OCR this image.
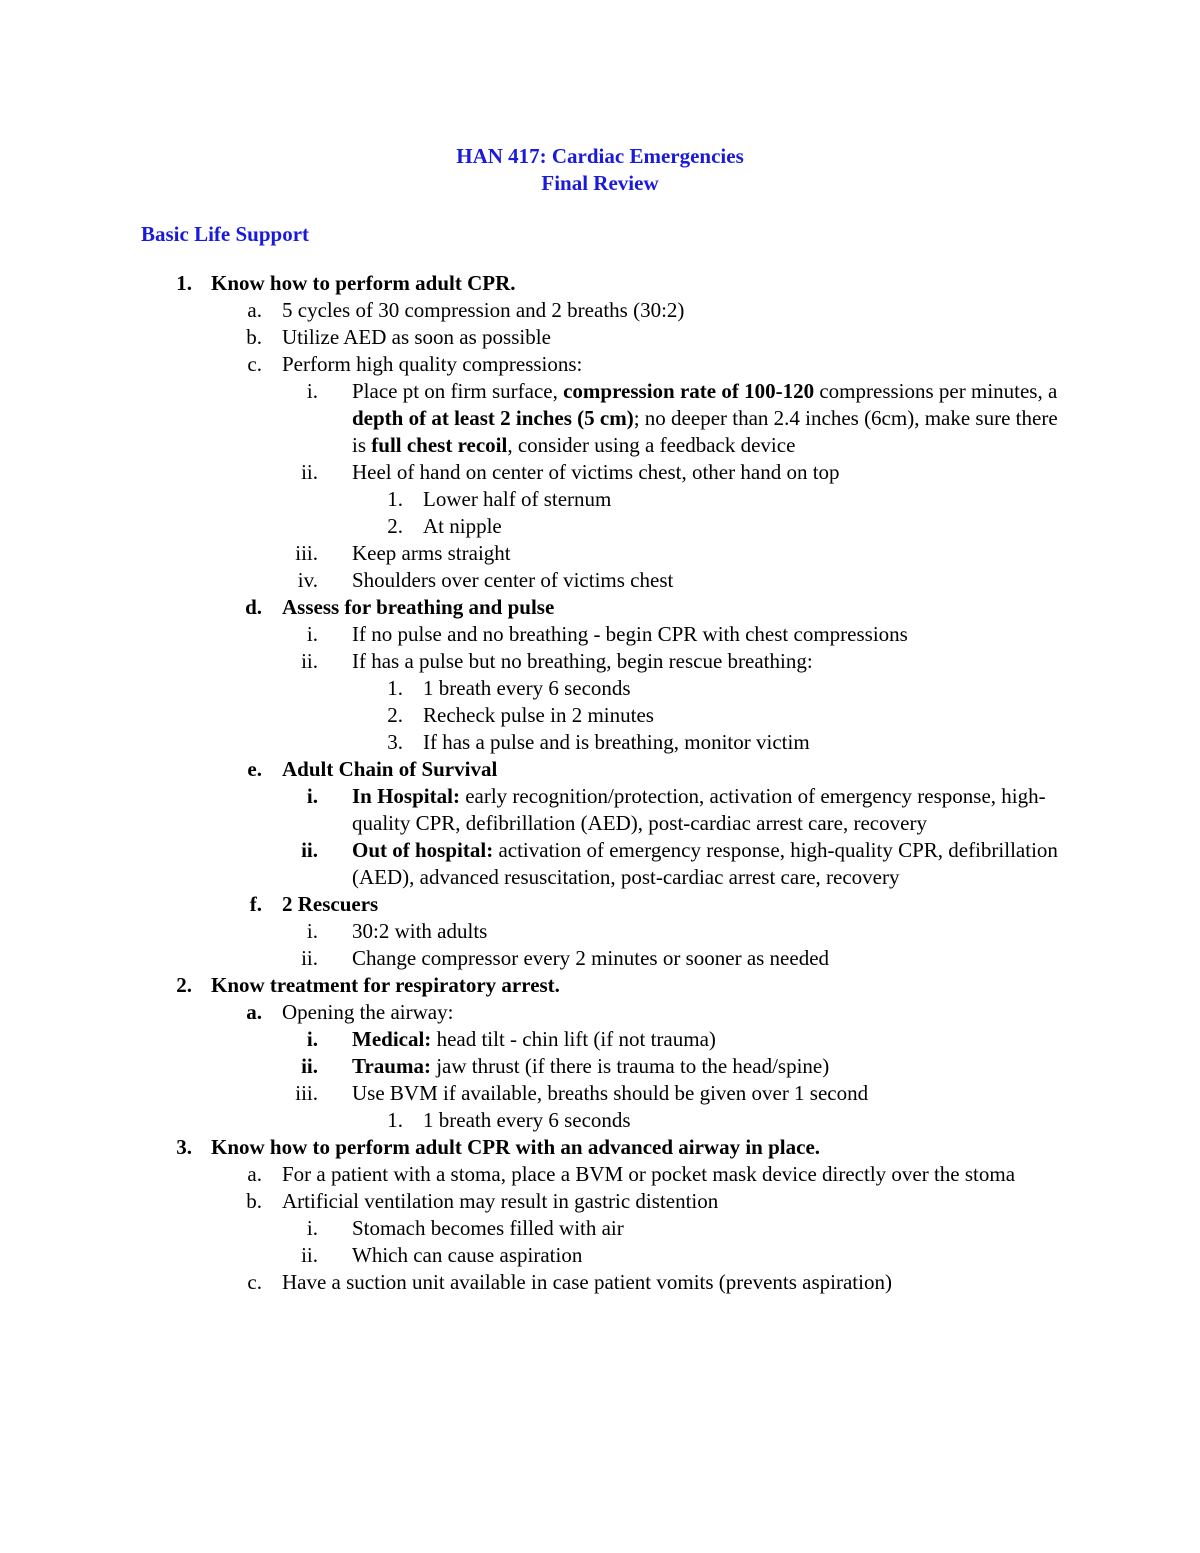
HAN 417: Cardiac Emergencies
Final Review
Basic Life Support
1. Know how to perform adult CPR.
a. 5 cycles of 30 compression and 2 breaths (30:2)
b. Utilize AED as soon as possible
c. Perform high quality compressions:
i. Place pt on firm surface, compression rate of 100-120 compressions per minutes, a depth of at least 2 inches (5 cm); no deeper than 2.4 inches (6cm), make sure there is full chest recoil, consider using a feedback device
ii. Heel of hand on center of victims chest, other hand on top
1. Lower half of sternum
2. At nipple
iii. Keep arms straight
iv. Shoulders over center of victims chest
d. Assess for breathing and pulse
i. If no pulse and no breathing - begin CPR with chest compressions
ii. If has a pulse but no breathing, begin rescue breathing:
1. 1 breath every 6 seconds
2. Recheck pulse in 2 minutes
3. If has a pulse and is breathing, monitor victim
e. Adult Chain of Survival
i. In Hospital: early recognition/protection, activation of emergency response, high-quality CPR, defibrillation (AED), post-cardiac arrest care, recovery
ii. Out of hospital: activation of emergency response, high-quality CPR, defibrillation (AED), advanced resuscitation, post-cardiac arrest care, recovery
f. 2 Rescuers
i. 30:2 with adults
ii. Change compressor every 2 minutes or sooner as needed
2. Know treatment for respiratory arrest.
a. Opening the airway:
i. Medical: head tilt - chin lift (if not trauma)
ii. Trauma: jaw thrust (if there is trauma to the head/spine)
iii. Use BVM if available, breaths should be given over 1 second
1. 1 breath every 6 seconds
3. Know how to perform adult CPR with an advanced airway in place.
a. For a patient with a stoma, place a BVM or pocket mask device directly over the stoma
b. Artificial ventilation may result in gastric distention
i. Stomach becomes filled with air
ii. Which can cause aspiration
c. Have a suction unit available in case patient vomits (prevents aspiration)
